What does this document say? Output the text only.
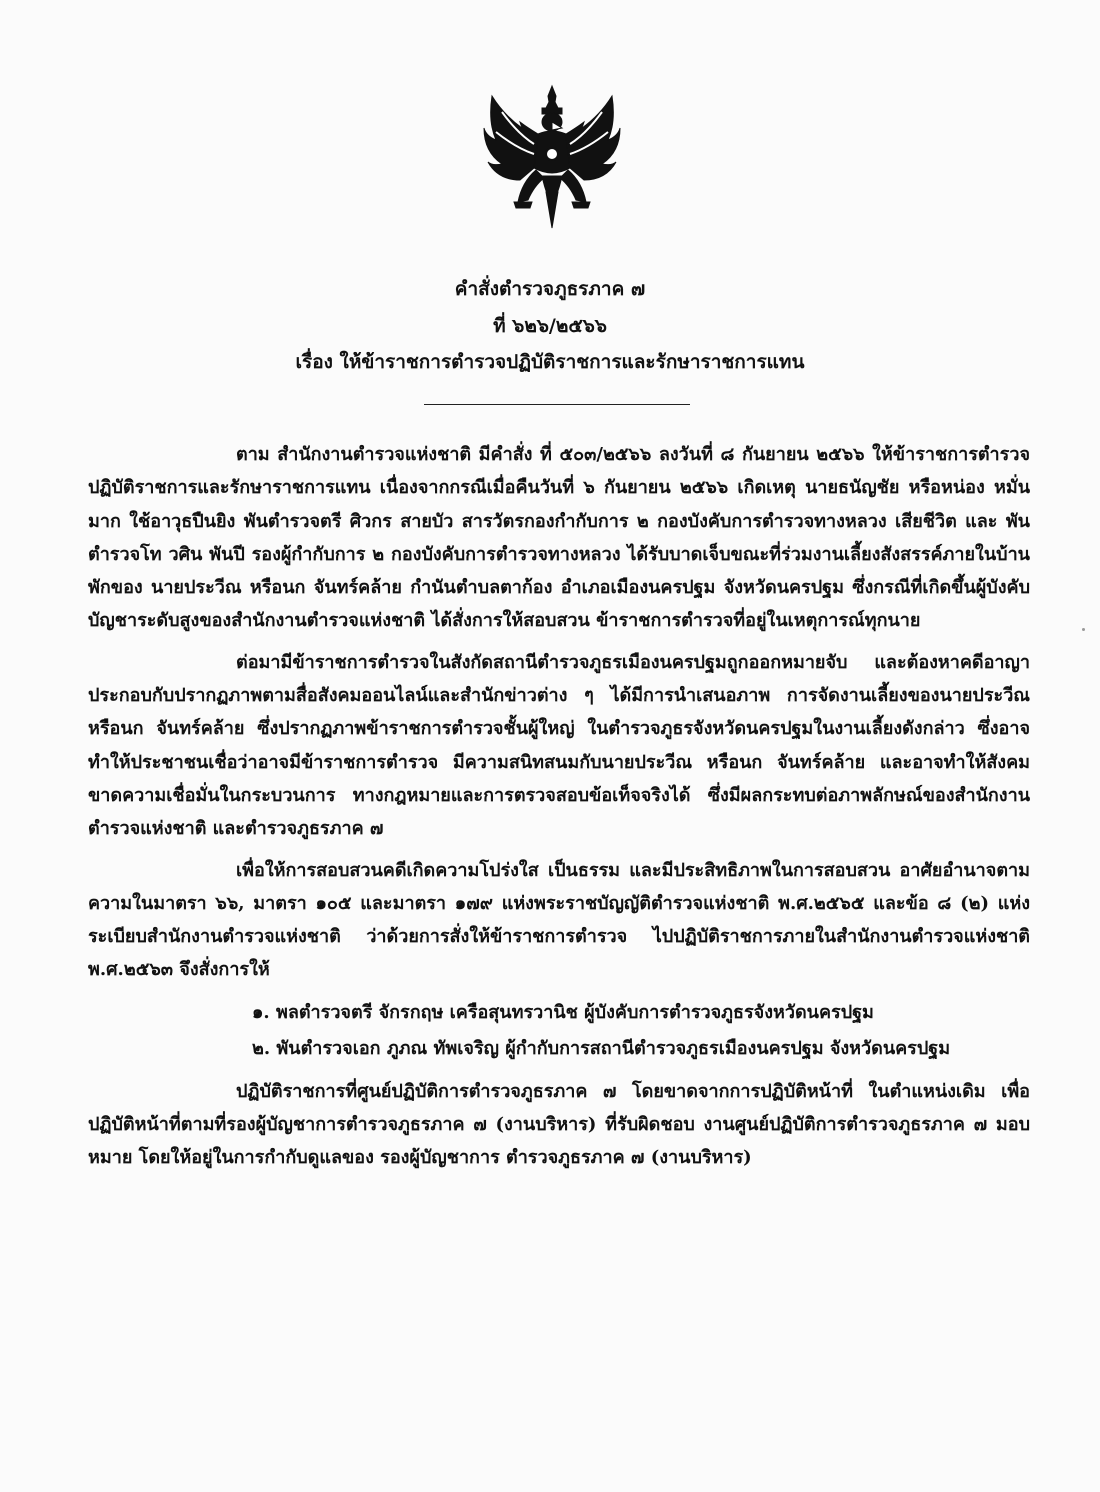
คำสั่งตำรวจภูธรภาค ๗
ที่ ๖๒๖/๒๕๖๖
เรื่อง ให้ข้าราชการตำรวจปฏิบัติราชการและรักษาราชการแทน

ตาม สำนักงานตำรวจแห่งชาติ มีคำสั่ง ที่ ๕๐๓/๒๕๖๖ ลงวันที่ ๘ กันยายน ๒๕๖๖ ให้ข้าราชการตำรวจปฏิบัติราชการและรักษาราชการแทน เนื่องจากกรณีเมื่อคืนวันที่ ๖ กันยายน ๒๕๖๖ เกิดเหตุ นายธนัญชัย หรือหน่อง หมั่นมาก ใช้อาวุธปืนยิง พันตำรวจตรี ศิวกร สายบัว สารวัตรกองกำกับการ ๒ กองบังคับการตำรวจทางหลวง เสียชีวิต และ พันตำรวจโท วศิน พันปี รองผู้กำกับการ ๒ กองบังคับการตำรวจทางหลวง ได้รับบาดเจ็บขณะที่ร่วมงานเลี้ยงสังสรรค์ภายในบ้านพักของ นายประวีณ หรือนก จันทร์คล้าย กำนันตำบลตาก้อง อำเภอเมืองนครปฐม จังหวัดนครปฐม ซึ่งกรณีที่เกิดขึ้นผู้บังคับบัญชาระดับสูงของสำนักงานตำรวจแห่งชาติ ได้สั่งการให้สอบสวน ข้าราชการตำรวจที่อยู่ในเหตุการณ์ทุกนาย

ต่อมามีข้าราชการตำรวจในสังกัดสถานีตำรวจภูธรเมืองนครปฐมถูกออกหมายจับ และต้องหาคดีอาญา ประกอบกับปรากฏภาพตามสื่อสังคมออนไลน์และสำนักข่าวต่าง ๆ ได้มีการนำเสนอภาพ การจัดงานเลี้ยงของนายประวีณ หรือนก จันทร์คล้าย ซึ่งปรากฏภาพข้าราชการตำรวจชั้นผู้ใหญ่ ในตำรวจภูธรจังหวัดนครปฐมในงานเลี้ยงดังกล่าว ซึ่งอาจทำให้ประชาชนเชื่อว่าอาจมีข้าราชการตำรวจ มีความสนิทสนมกับนายประวีณ หรือนก จันทร์คล้าย และอาจทำให้สังคมขาดความเชื่อมั่นในกระบวนการ ทางกฎหมายและการตรวจสอบข้อเท็จจริงได้ ซึ่งมีผลกระทบต่อภาพลักษณ์ของสำนักงานตำรวจแห่งชาติ และตำรวจภูธรภาค ๗

เพื่อให้การสอบสวนคดีเกิดความโปร่งใส เป็นธรรม และมีประสิทธิภาพในการสอบสวน อาศัยอำนาจตามความในมาตรา ๖๖, มาตรา ๑๐๕ และมาตรา ๑๗๙ แห่งพระราชบัญญัติตำรวจแห่งชาติ พ.ศ.๒๕๖๕ และข้อ ๘ (๒) แห่งระเบียบสำนักงานตำรวจแห่งชาติ ว่าด้วยการสั่งให้ข้าราชการตำรวจ ไปปฏิบัติราชการภายในสำนักงานตำรวจแห่งชาติ พ.ศ.๒๕๖๓ จึงสั่งการให้

๑. พลตำรวจตรี จักรกฤษ เครือสุนทรวานิช ผู้บังคับการตำรวจภูธรจังหวัดนครปฐม

๒. พันตำรวจเอก ภูภณ ทัพเจริญ ผู้กำกับการสถานีตำรวจภูธรเมืองนครปฐม จังหวัดนครปฐม

ปฏิบัติราชการที่ศูนย์ปฏิบัติการตำรวจภูธรภาค ๗ โดยขาดจากการปฏิบัติหน้าที่ ในตำแหน่งเดิม เพื่อปฏิบัติหน้าที่ตามที่รองผู้บัญชาการตำรวจภูธรภาค ๗ (งานบริหาร) ที่รับผิดชอบ งานศูนย์ปฏิบัติการตำรวจภูธรภาค ๗ มอบหมาย โดยให้อยู่ในการกำกับดูแลของ รองผู้บัญชาการ ตำรวจภูธรภาค ๗ (งานบริหาร)
